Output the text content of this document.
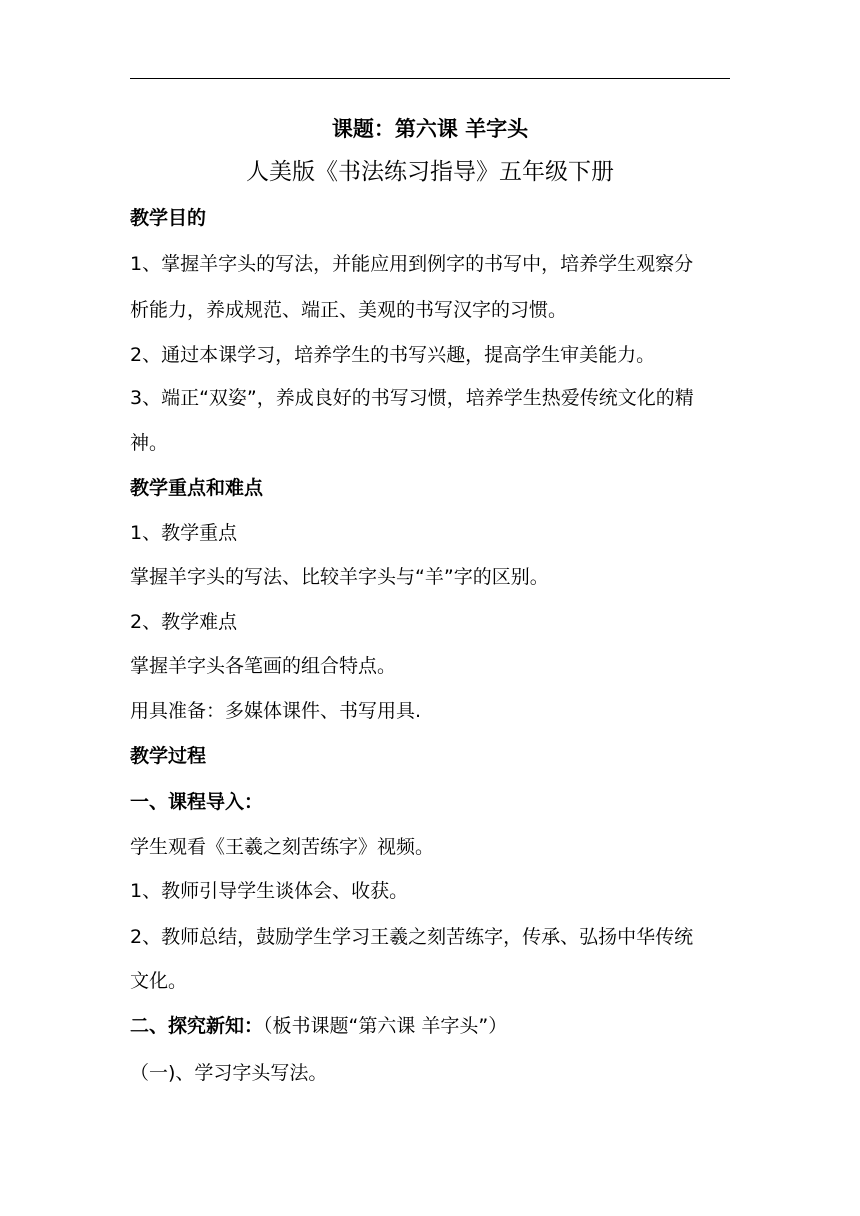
课题：第六课 羊字头
人美版《书法练习指导》五年级下册
教学目的
1、掌握羊字头的写法，并能应用到例字的书写中，培养学生观察分
析能力，养成规范、端正、美观的书写汉字的习惯。
2、通过本课学习，培养学生的书写兴趣，提高学生审美能力。
3、端正“双姿”，养成良好的书写习惯，培养学生热爱传统文化的精
神。
教学重点和难点
1、教学重点
掌握羊字头的写法、比较羊字头与“羊”字的区别。
2、教学难点
掌握羊字头各笔画的组合特点。
用具准备：多媒体课件、书写用具.
教学过程
一、课程导入：
学生观看《王羲之刻苦练字》视频。
1、教师引导学生谈体会、收获。
2、教师总结，鼓励学生学习王羲之刻苦练字，传承、弘扬中华传统
文化。
二、探究新知：（板书课题“第六课 羊字头”）
（一)、学习字头写法。
